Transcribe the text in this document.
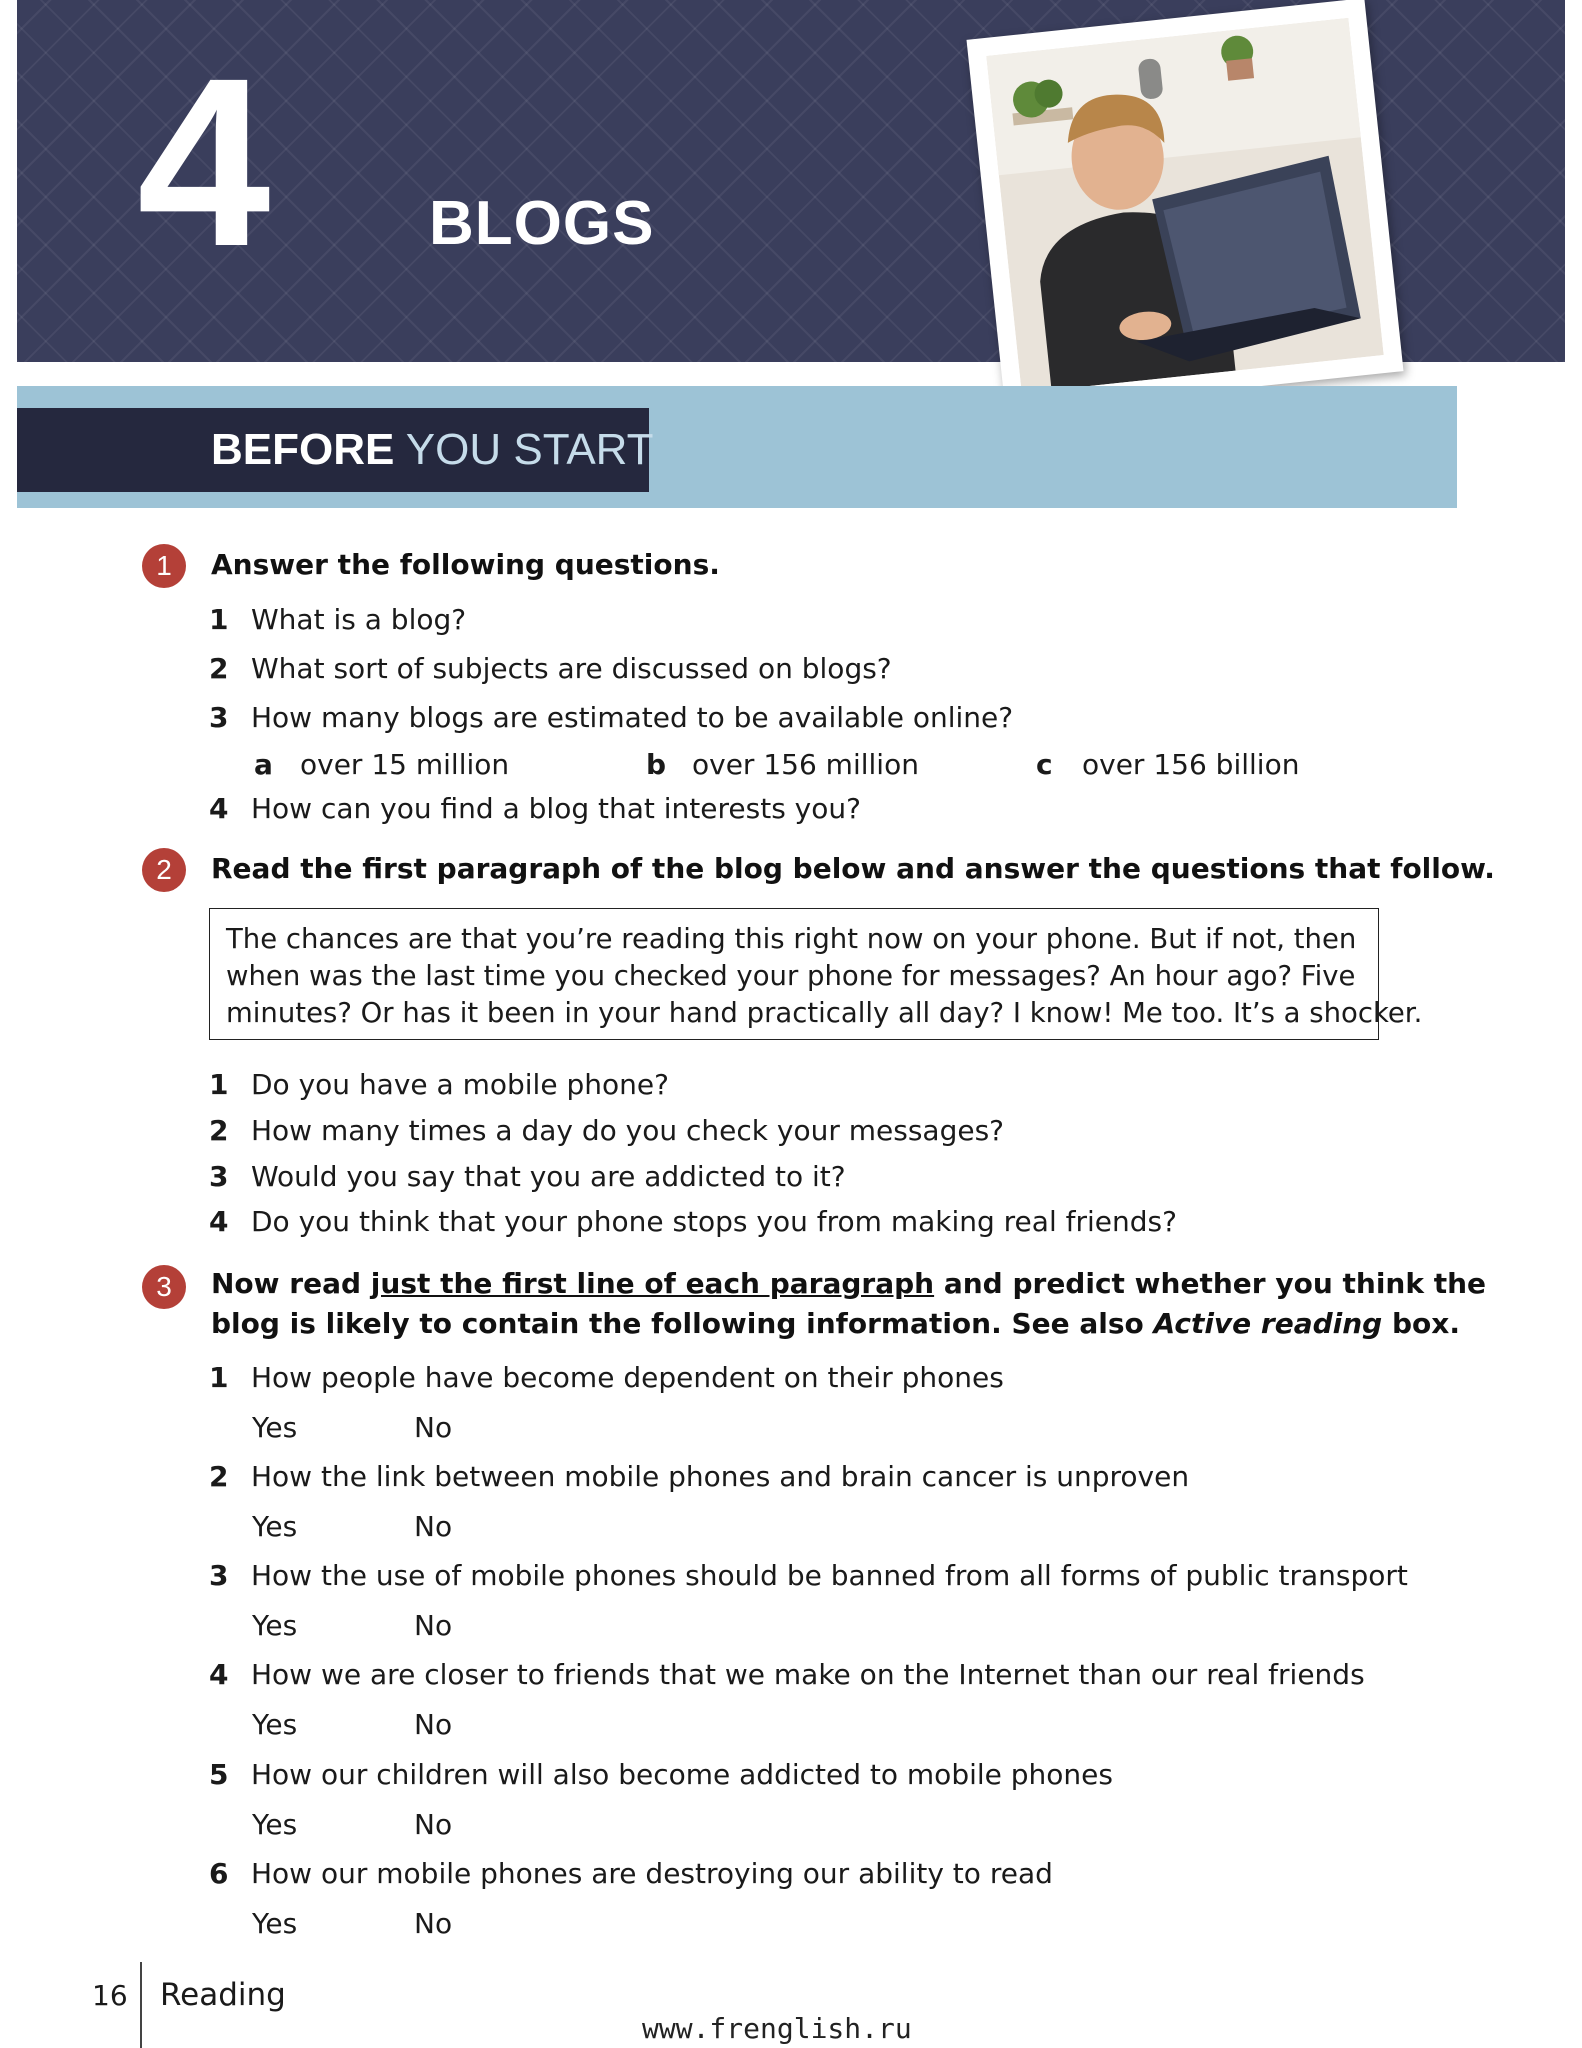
4	BLOGS
BEFORE YOU START
1	Answer the following questions.
1 What is a blog?
2 What sort of subjects are discussed on blogs?
3 How many blogs are estimated to be available online?
a over 15 million	b over 156 million	c over 156 billion
4 How can you find a blog that interests you?
2	Read the first paragraph of the blog below and answer the questions that follow.

The chances are that you’re reading this right now on your phone. But if not, then

when was the last time you checked your phone for messages? An hour ago? Five

minutes? Or has it been in your hand practically all day? I know! Me too. It’s a shocker.

1 Do you have a mobile phone?
2 How many times a day do you check your messages?
3 Would you say that you are addicted to it?
4 Do you think that your phone stops you from making real friends?
3	Now read just the first line of each paragraph and predict whether you think the
blog is likely to contain the following information. See also Active reading box.
1 How people have become dependent on their phones
Yes	No
2 How the link between mobile phones and brain cancer is unproven
Yes	No
3 How the use of mobile phones should be banned from all forms of public transport
Yes	No
4 How we are closer to friends that we make on the Internet than our real friends
Yes	No
5 How our children will also become addicted to mobile phones
Yes	No
6 How our mobile phones are destroying our ability to read
Yes	No
16 Reading
www.frenglish.ru
